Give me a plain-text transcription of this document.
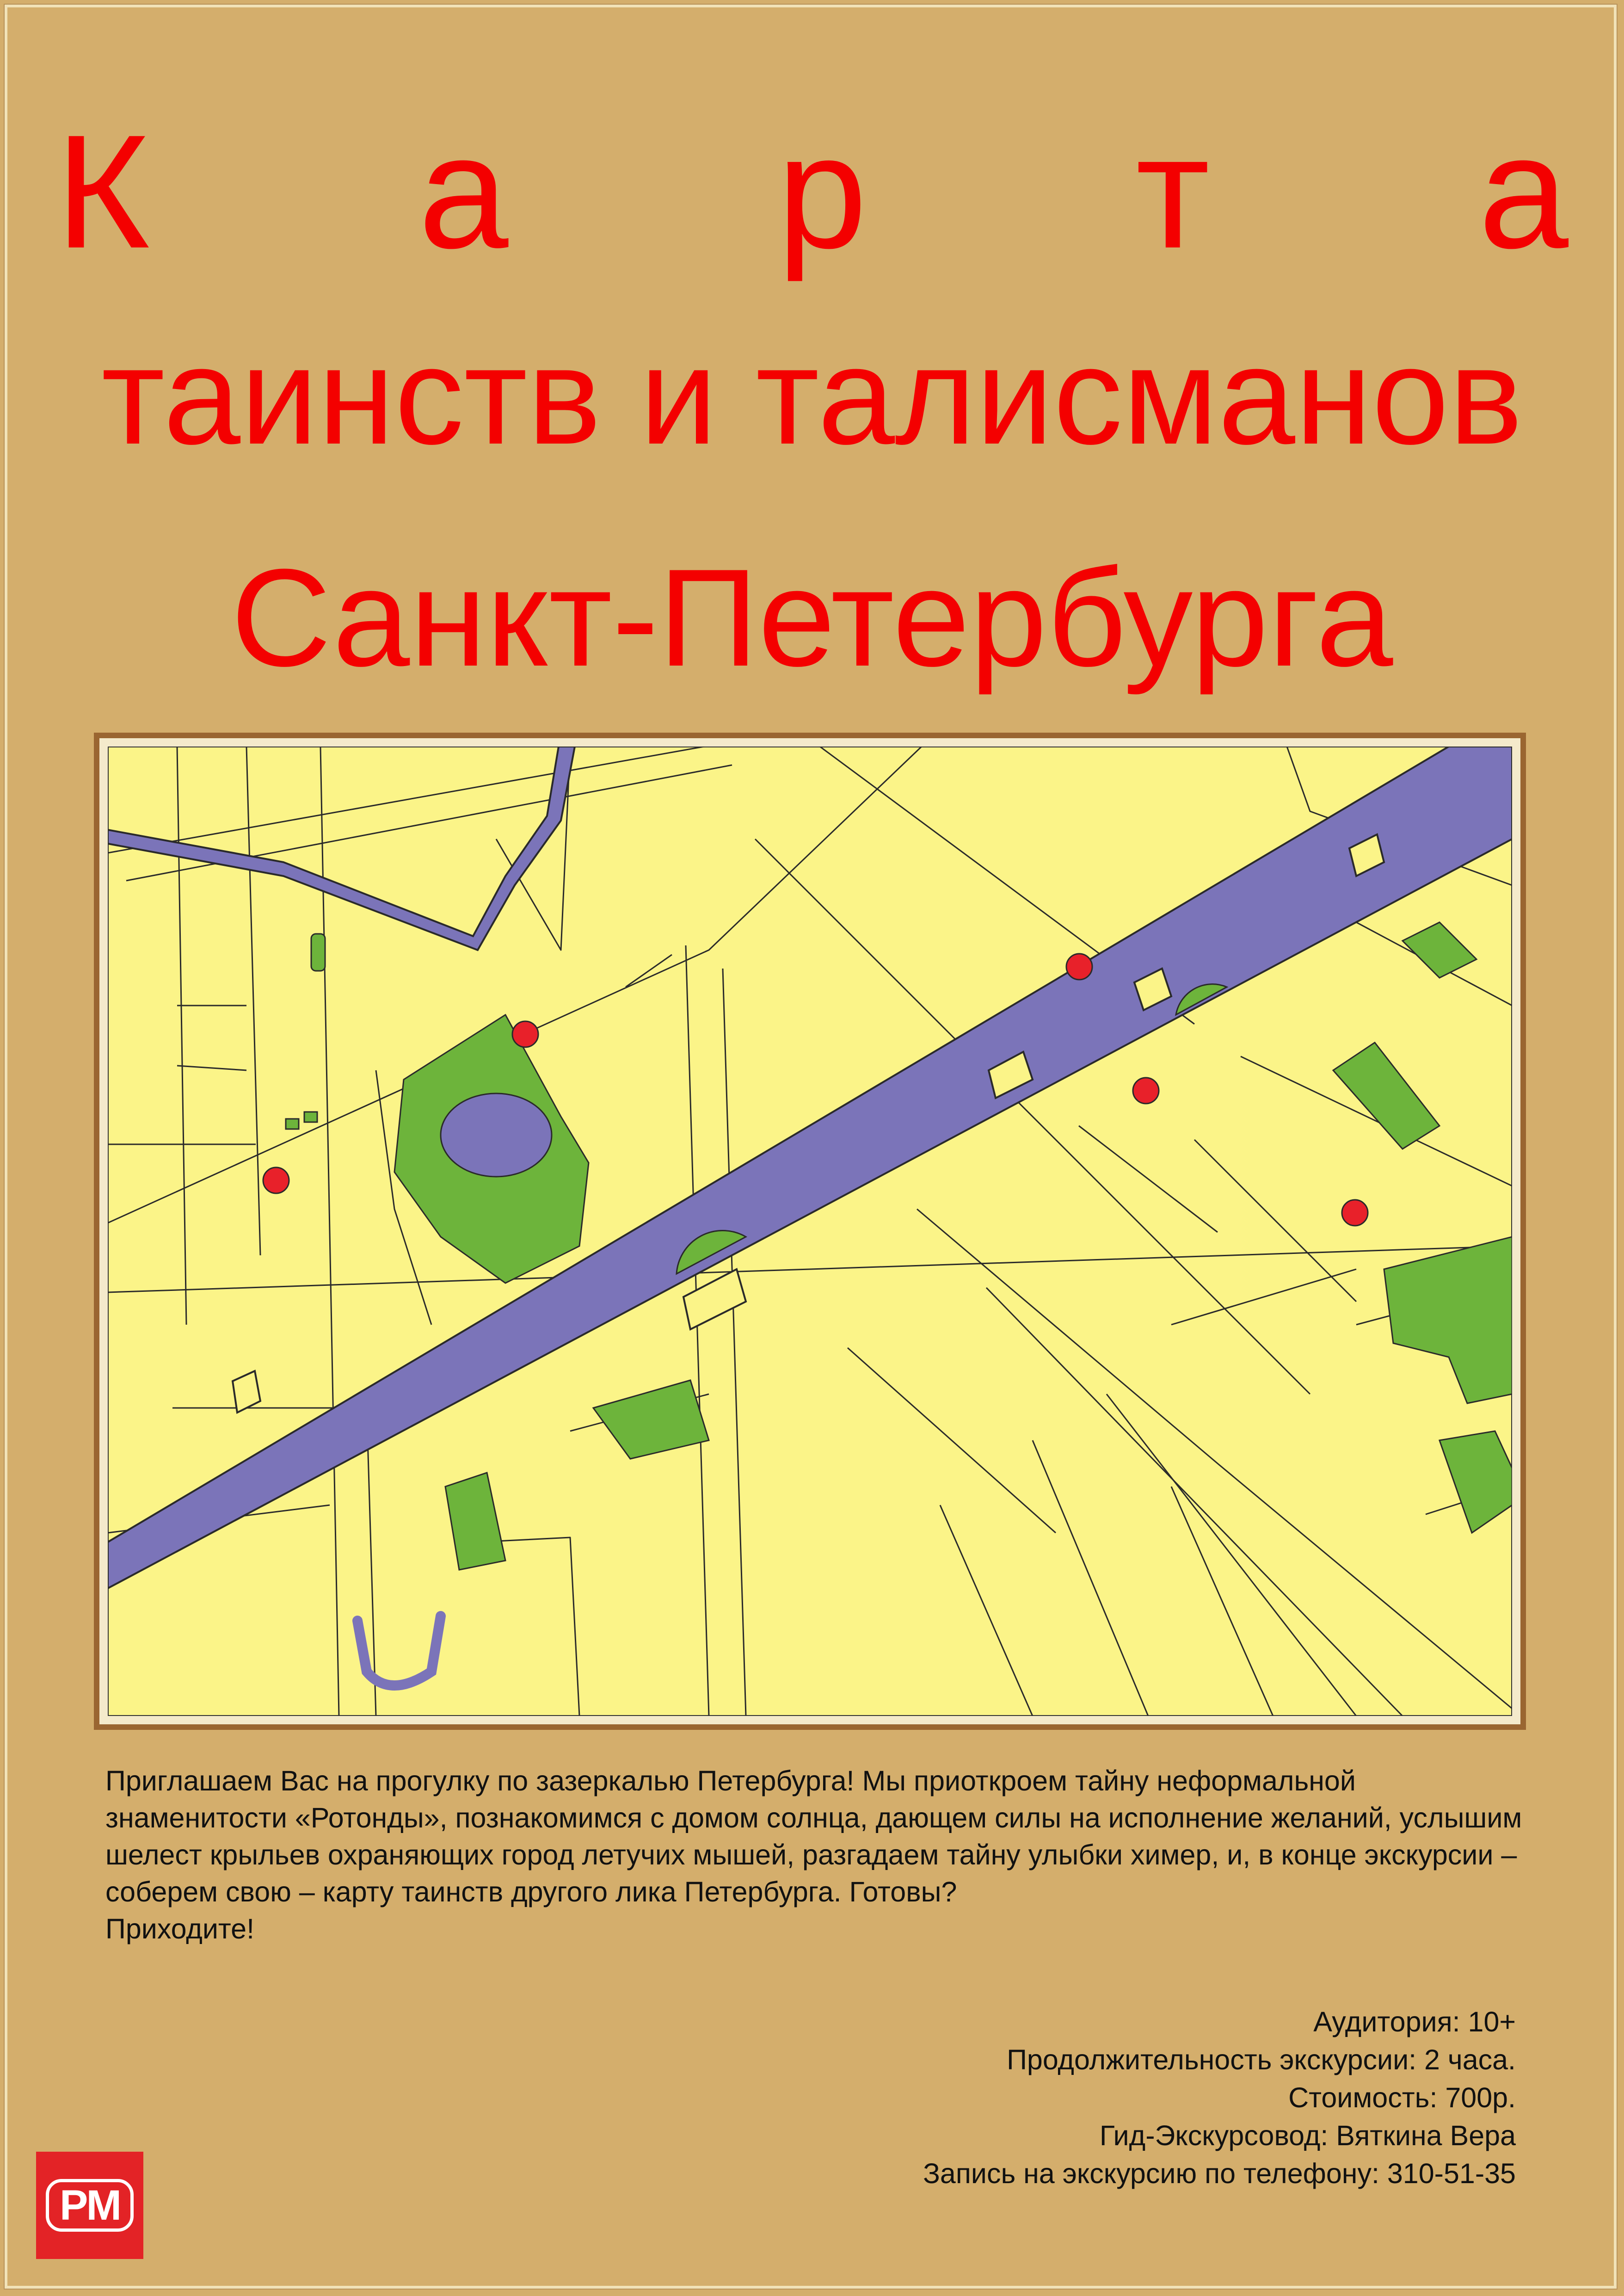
К а р т а
таинств и талисманов
Санкт-Петербурга

Приглашаем Вас на прогулку по зазеркалью Петербурга! Мы приоткроем тайну неформальной знаменитости «Ротонды», познакомимся с домом солнца, дающем силы на исполнение желаний, услышим шелест крыльев охраняющих город летучих мышей, разгадаем тайну улыбки химер, и, в конце экскурсии – соберем свою – карту таинств другого лика Петербурга. Готовы?

Приходите!

Аудитория: 10+
Продолжительность экскурсии: 2 часа.
Стоимость: 700р.
Гид-Экскурсовод: Вяткина Вера
Запись на экскурсию по телефону: 310-51-35
PM
